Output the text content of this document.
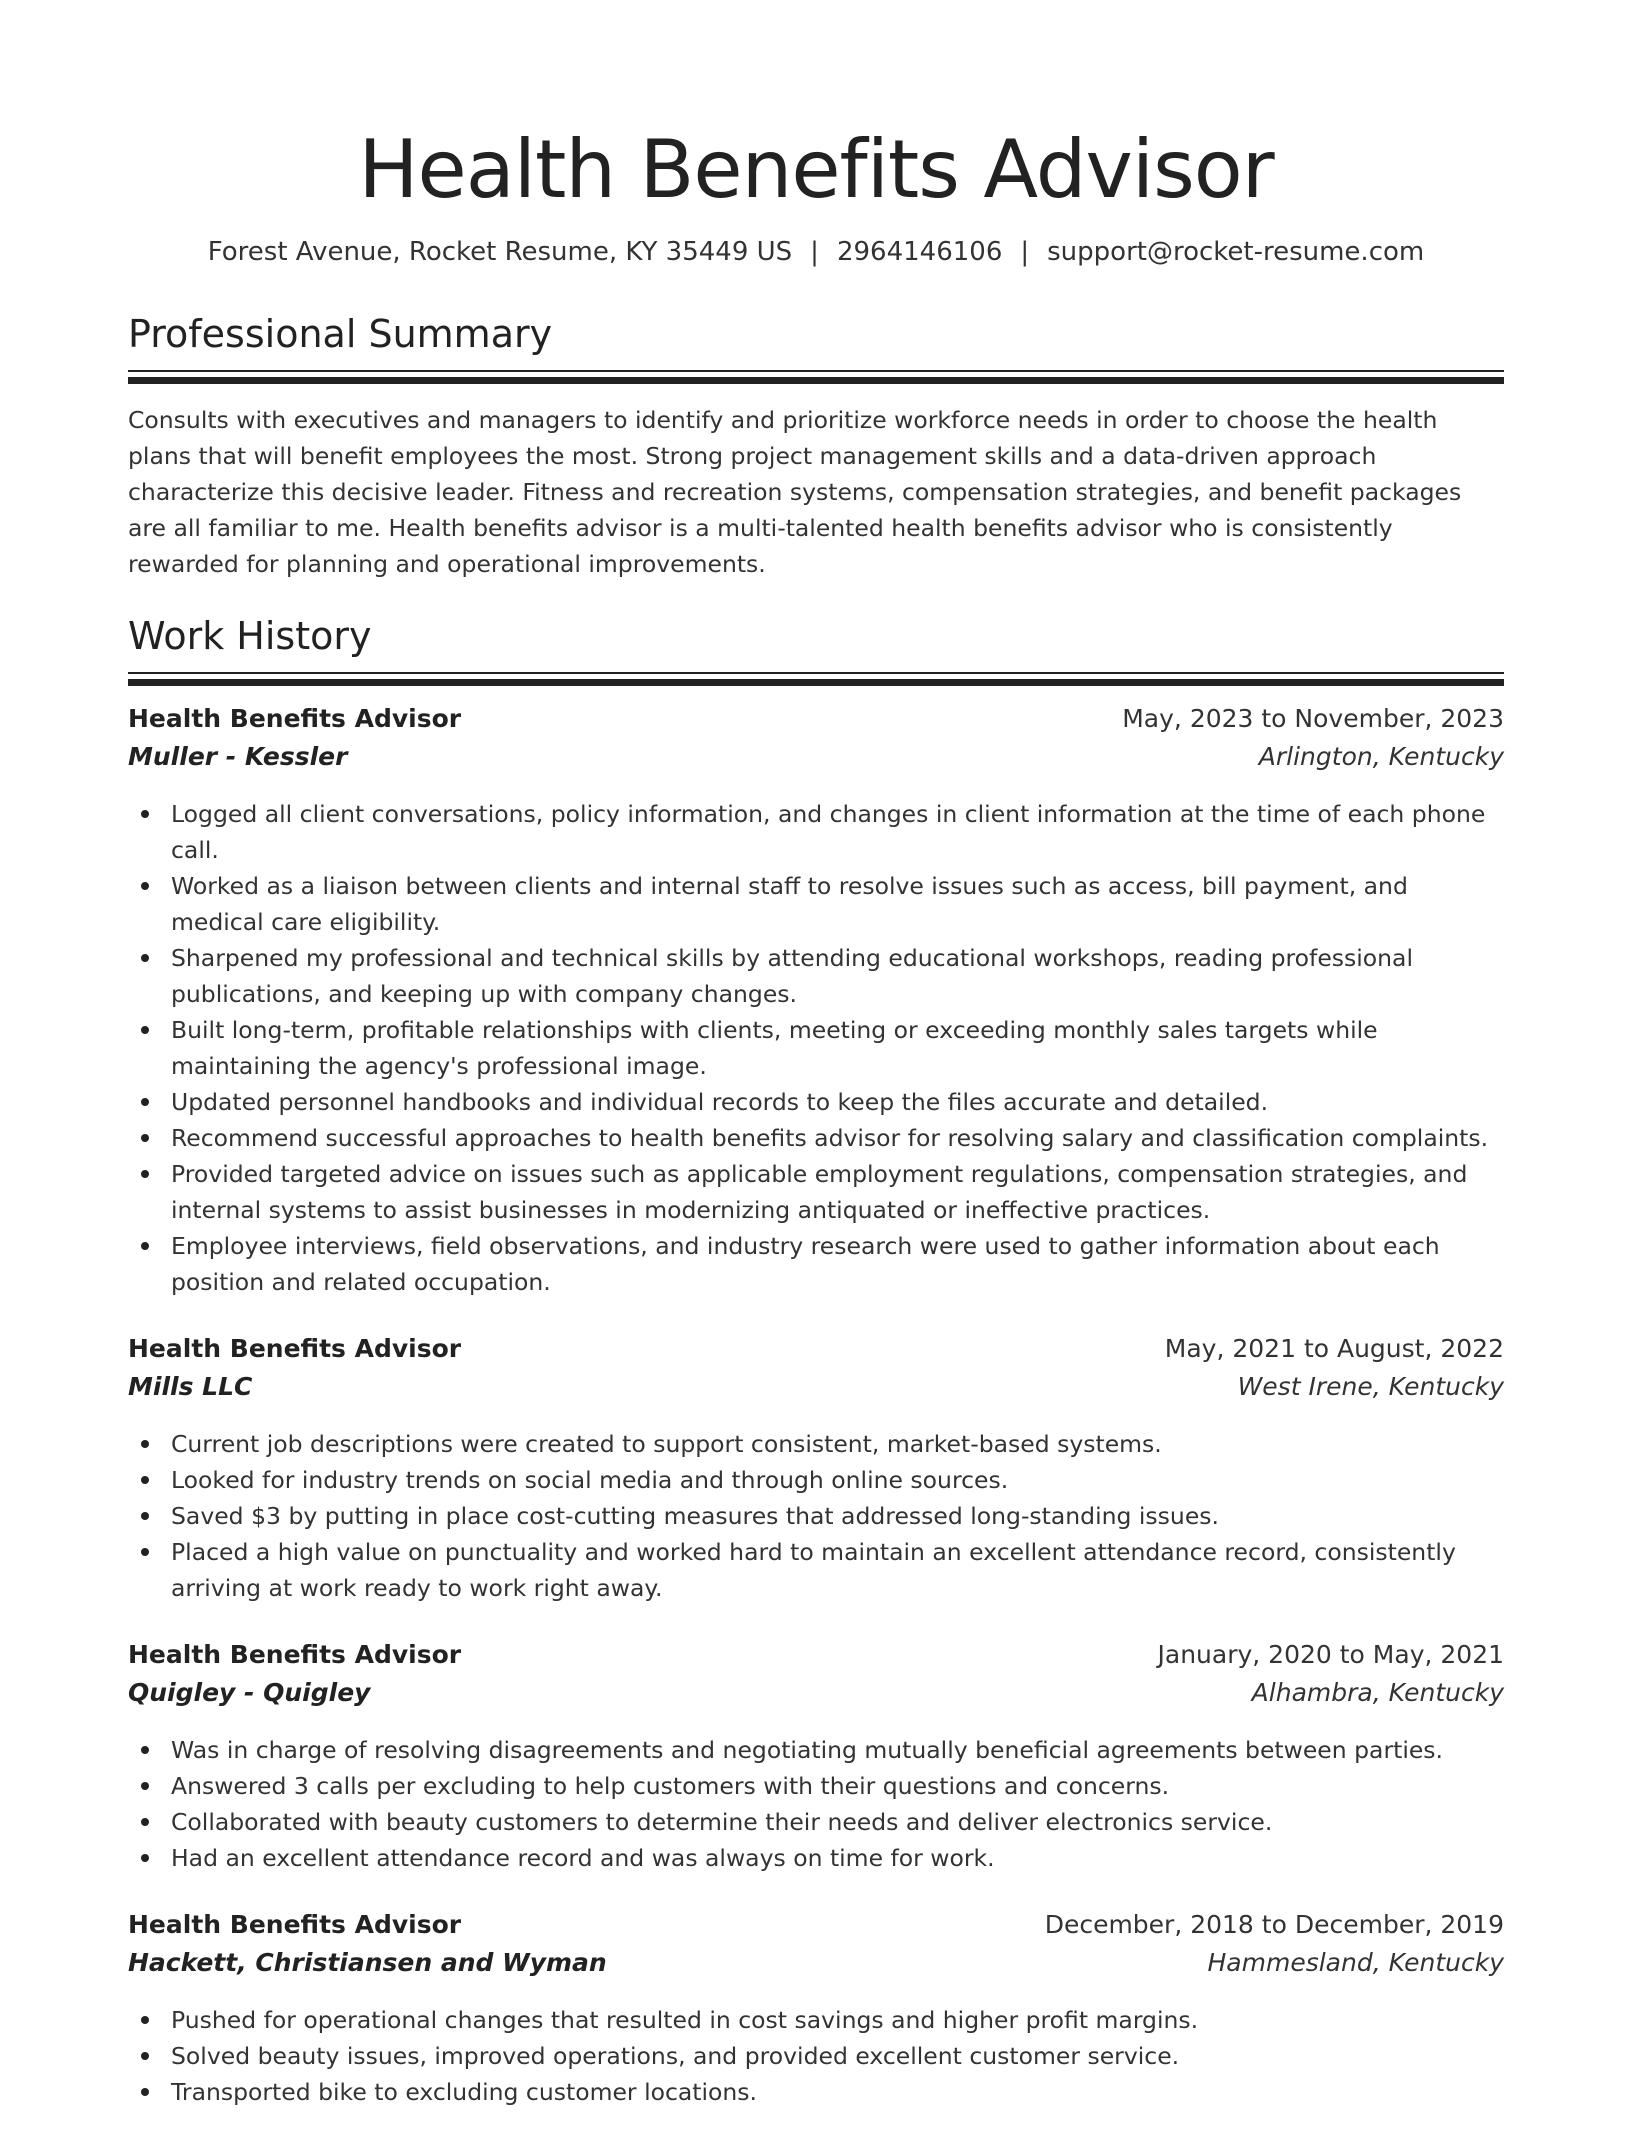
Health Benefits Advisor
Forest Avenue, Rocket Resume, KY 35449 US | 2964146106 | support@rocket-resume.com
Professional Summary

Consults with executives and managers to identify and prioritize workforce needs in order to choose the health plans that will benefit employees the most. Strong project management skills and a data-driven approach characterize this decisive leader. Fitness and recreation systems, compensation strategies, and benefit packages are all familiar to me. Health benefits advisor is a multi-talented health benefits advisor who is consistently rewarded for planning and operational improvements.

Work History
Health Benefits Advisor	May, 2023 to November, 2023
Muller - Kessler	Arlington, Kentucky
Logged all client conversations, policy information, and changes in client information at the time of each phone call.
Worked as a liaison between clients and internal staff to resolve issues such as access, bill payment, and medical care eligibility.
Sharpened my professional and technical skills by attending educational workshops, reading professional publications, and keeping up with company changes.
Built long-term, profitable relationships with clients, meeting or exceeding monthly sales targets while maintaining the agency's professional image.
Updated personnel handbooks and individual records to keep the files accurate and detailed.
Recommend successful approaches to health benefits advisor for resolving salary and classification complaints.
Provided targeted advice on issues such as applicable employment regulations, compensation strategies, and internal systems to assist businesses in modernizing antiquated or ineffective practices.
Employee interviews, field observations, and industry research were used to gather information about each position and related occupation.
Health Benefits Advisor	May, 2021 to August, 2022
Mills LLC	West Irene, Kentucky
Current job descriptions were created to support consistent, market-based systems.
Looked for industry trends on social media and through online sources.
Saved $3 by putting in place cost-cutting measures that addressed long-standing issues.
Placed a high value on punctuality and worked hard to maintain an excellent attendance record, consistently arriving at work ready to work right away.
Health Benefits Advisor	January, 2020 to May, 2021
Quigley - Quigley	Alhambra, Kentucky
Was in charge of resolving disagreements and negotiating mutually beneficial agreements between parties.
Answered 3 calls per excluding to help customers with their questions and concerns.
Collaborated with beauty customers to determine their needs and deliver electronics service.
Had an excellent attendance record and was always on time for work.
Health Benefits Advisor	December, 2018 to December, 2019
Hackett, Christiansen and Wyman	Hammesland, Kentucky
Pushed for operational changes that resulted in cost savings and higher profit margins.
Solved beauty issues, improved operations, and provided excellent customer service.
Transported bike to excluding customer locations.
